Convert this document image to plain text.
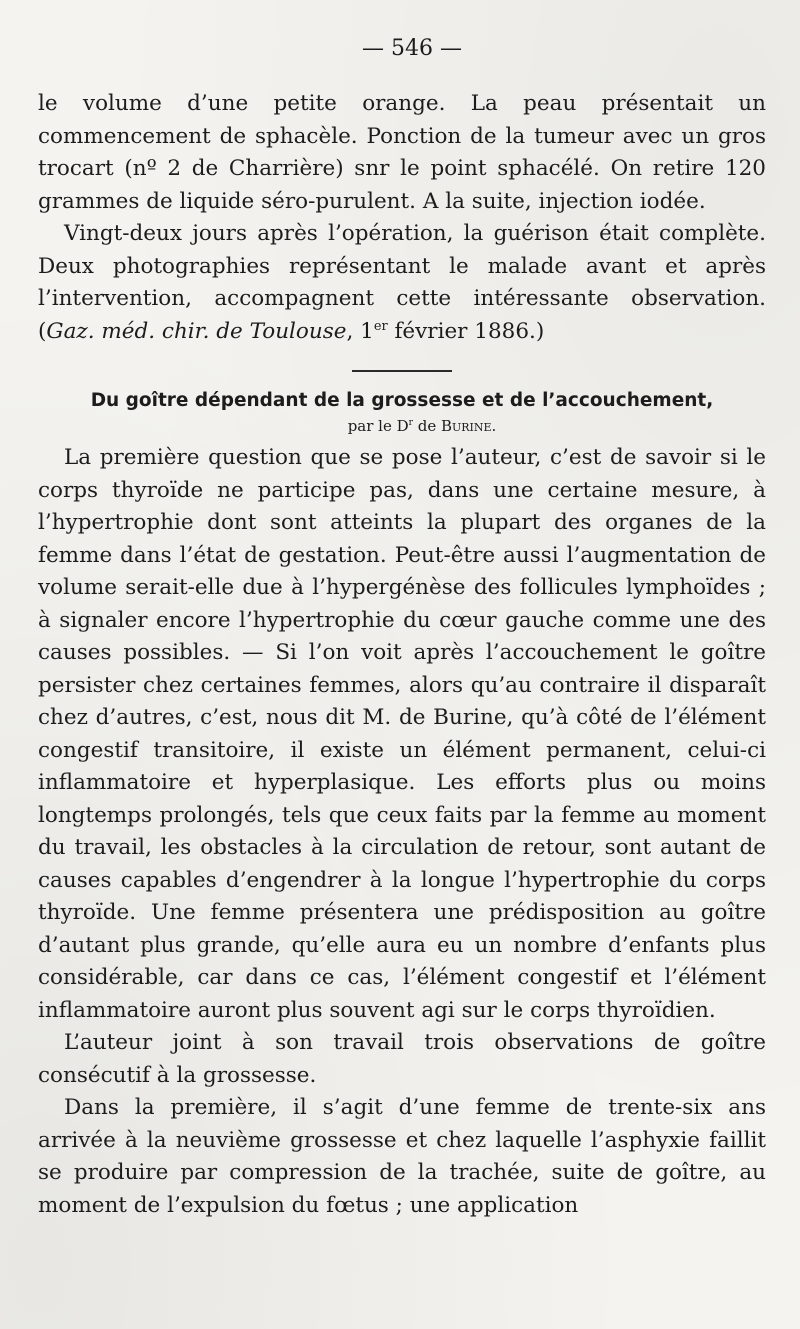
— 546 —

le volume d’une petite orange. La peau présentait un commencement de sphacèle. Ponction de la tumeur avec un gros trocart (nº 2 de Charrière) snr le point sphacélé. On retire 120 grammes de liquide séro-purulent. A la suite, injection iodée.

Vingt-deux jours après l’opération, la guérison était complète. Deux photographies représentant le malade avant et après l’intervention, accompagnent cette intéressante observation. (Gaz. méd. chir. de Toulouse, 1er février 1886.)

Du goître dépendant de la grossesse et de l’accouchement,
par le $D^r$ de Burine.

La première question que se pose l’auteur, c’est de savoir si le corps thyroïde ne participe pas, dans une certaine mesure, à l’hypertrophie dont sont atteints la plupart des organes de la femme dans l’état de gestation. Peut-être aussi l’augmentation de volume serait-elle due à l’hypergénèse des follicules lymphoïdes ; à signaler encore l’hypertrophie du cœur gauche comme une des causes possibles. — Si l’on voit après l’accouchement le goître persister chez certaines femmes, alors qu’au contraire il disparaît chez d’autres, c’est, nous dit M. de Burine, qu’à côté de l’élément congestif transitoire, il existe un élément permanent, celui-ci inflammatoire et hyperplasique. Les efforts plus ou moins longtemps prolongés, tels que ceux faits par la femme au moment du travail, les obstacles à la circulation de retour, sont autant de causes capables d’engendrer à la longue l’hypertrophie du corps thyroïde. Une femme présentera une prédisposition au goître d’autant plus grande, qu’elle aura eu un nombre d’enfants plus considérable, car dans ce cas, l’élément congestif et l’élément inflammatoire auront plus souvent agi sur le corps thyroïdien.

L’auteur joint à son travail trois observations de goître consécutif à la grossesse.

Dans la première, il s’agit d’une femme de trente-six ans arrivée à la neuvième grossesse et chez laquelle l’asphyxie faillit se produire par compression de la trachée, suite de goître, au moment de l’expulsion du fœtus ; une application
